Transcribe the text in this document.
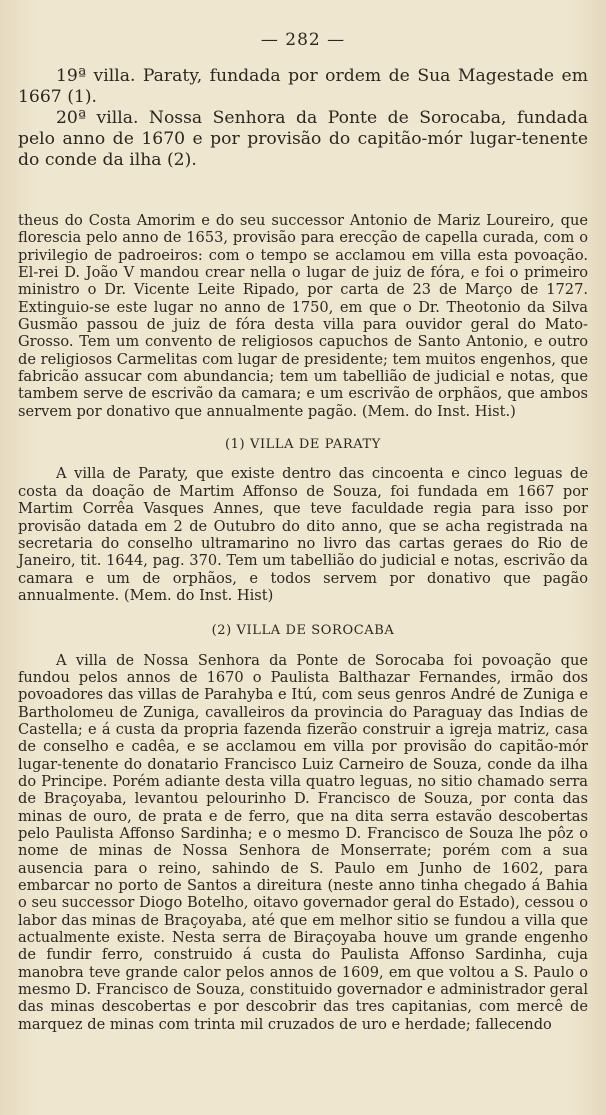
— 282 —

19ª villa. Paraty, fundada por ordem de Sua Magestade em 1667 (1).

20ª villa. Nossa Senhora da Ponte de Sorocaba, fundada pelo anno de 1670 e por provisão do capitão-mór lugar-tenente do conde da ilha (2).

theus do Costa Amorim e do seu successor Antonio de Mariz Loureiro, que florescia pelo anno de 1653, provisão para erecção de capella curada, com o privilegio de padroeiros: com o tempo se acclamou em villa esta povoação. El-rei D. João V mandou crear nella o lugar de juiz de fóra, e foi o primeiro ministro o Dr. Vicente Leite Ripado, por carta de 23 de Março de 1727. Extinguio-se este lugar no anno de 1750, em que o Dr. Theotonio da Silva Gusmão passou de juiz de fóra desta villa para ouvidor geral do Mato-Grosso. Tem um convento de religiosos capuchos de Santo Antonio, e outro de religiosos Carmelitas com lugar de presidente; tem muitos engenhos, que fabricão assucar com abundancia; tem um tabellião de judicial e notas, que tambem serve de escrivão da camara; e um escrivão de orphãos, que ambos servem por donativo que annualmente pagão. (Mem. do Inst. Hist.)

(1) VILLA DE PARATY

A villa de Paraty, que existe dentro das cincoenta e cinco leguas de costa da doação de Martim Affonso de Souza, foi fundada em 1667 por Martim Corrêa Vasques Annes, que teve faculdade regia para isso por provisão datada em 2 de Outubro do dito anno, que se acha registrada na secretaria do conselho ultramarino no livro das cartas geraes do Rio de Janeiro, tit. 1644, pag. 370. Tem um tabellião do judicial e notas, escrivão da camara e um de orphãos, e todos servem por donativo que pagão annualmente. (Mem. do Inst. Hist)

(2) VILLA DE SOROCABA

A villa de Nossa Senhora da Ponte de Sorocaba foi povoação que fundou pelos annos de 1670 o Paulista Balthazar Fernandes, irmão dos povoadores das villas de Parahyba e Itú, com seus genros André de Zuniga e Bartholomeu de Zuniga, cavalleiros da provincia do Paraguay das Indias de Castella; e á custa da propria fazenda fizerão construir a igreja matriz, casa de conselho e cadêa, e se acclamou em villa por provisão do capitão-mór lugar-tenente do donatario Francisco Luiz Carneiro de Souza, conde da ilha do Principe. Porém adiante desta villa quatro leguas, no sitio chamado serra de Braçoyaba, levantou pelourinho D. Francisco de Souza, por conta das minas de ouro, de prata e de ferro, que na dita serra estavão descobertas pelo Paulista Affonso Sardinha; e o mesmo D. Francisco de Souza lhe pôz o nome de minas de Nossa Senhora de Monserrate; porém com a sua ausencia para o reino, sahindo de S. Paulo em Junho de 1602, para embarcar no porto de Santos a direitura (neste anno tinha chegado á Bahia o seu successor Diogo Botelho, oitavo governador geral do Estado), cessou o labor das minas de Braçoyaba, até que em melhor sitio se fundou a villa que actualmente existe. Nesta serra de Biraçoyaba houve um grande engenho de fundir ferro, construido á custa do Paulista Affonso Sardinha, cuja manobra teve grande calor pelos annos de 1609, em que voltou a S. Paulo o mesmo D. Francisco de Souza, constituido governador e administrador geral das minas descobertas e por descobrir das tres capitanias, com mercê de marquez de minas com trinta mil cruzados de uro e herdade; fallecendo
